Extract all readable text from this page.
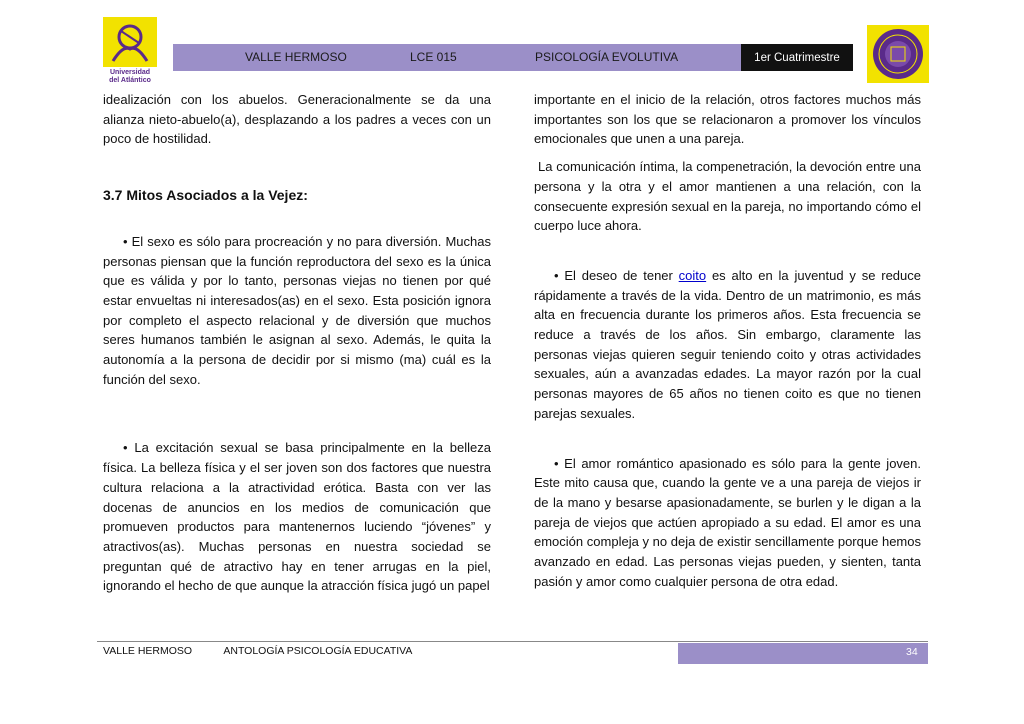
Universidad
del Atlántico
VALLE HERMOSO	LCE 015	PSICOLOGÍA EVOLUTIVA	1er Cuatrimestre

idealización con los abuelos. Generacionalmente se da una alianza nieto-abuelo(a), desplazando a los padres a veces con un poco de hostilidad.

3.7 Mitos Asociados a la Vejez:

• El sexo es sólo para procreación y no para diversión. Muchas personas piensan que la función reproductora del sexo es la única que es válida y por lo tanto, personas viejas no tienen por qué estar envueltas ni interesados(as) en el sexo. Esta posición ignora por completo el aspecto relacional y de diversión que muchos seres humanos también le asignan al sexo. Además, le quita la autonomía a la persona de decidir por si mismo (ma) cuál es la función del sexo.

• La excitación sexual se basa principalmente en la belleza física. La belleza física y el ser joven son dos factores que nuestra cultura relaciona a la atractividad erótica. Basta con ver las docenas de anuncios en los medios de comunicación que promueven productos para mantenernos luciendo “jóvenes” y atractivos(as). Muchas personas en nuestra sociedad se preguntan qué de atractivo hay en tener arrugas en la piel, ignorando el hecho de que aunque la atracción física jugó un papel

importante en el inicio de la relación, otros factores muchos más importantes son los que se relacionaron a promover los vínculos emocionales que unen a una pareja.

La comunicación íntima, la compenetración, la devoción entre una persona y la otra y el amor mantienen a una relación, con la consecuente expresión sexual en la pareja, no importando cómo el cuerpo luce ahora.

• El deseo de tener coito es alto en la juventud y se reduce rápidamente a través de la vida. Dentro de un matrimonio, es más alta en frecuencia durante los primeros años. Esta frecuencia se reduce a través de los años. Sin embargo, claramente las personas viejas quieren seguir teniendo coito y otras actividades sexuales, aún a avanzadas edades. La mayor razón por la cual personas mayores de 65 años no tienen coito es que no tienen parejas sexuales.

• El amor romántico apasionado es sólo para la gente joven. Este mito causa que, cuando la gente ve a una pareja de viejos ir de la mano y besarse apasionadamente, se burlen y le digan a la pareja de viejos que actúen apropiado a su edad. El amor es una emoción compleja y no deja de existir sencillamente porque hemos avanzado en edad. Las personas viejas pueden, y sienten, tanta pasión y amor como cualquier persona de otra edad.

VALLE HERMOSO	ANTOLOGÍA PSICOLOGÍA EDUCATIVA	34
